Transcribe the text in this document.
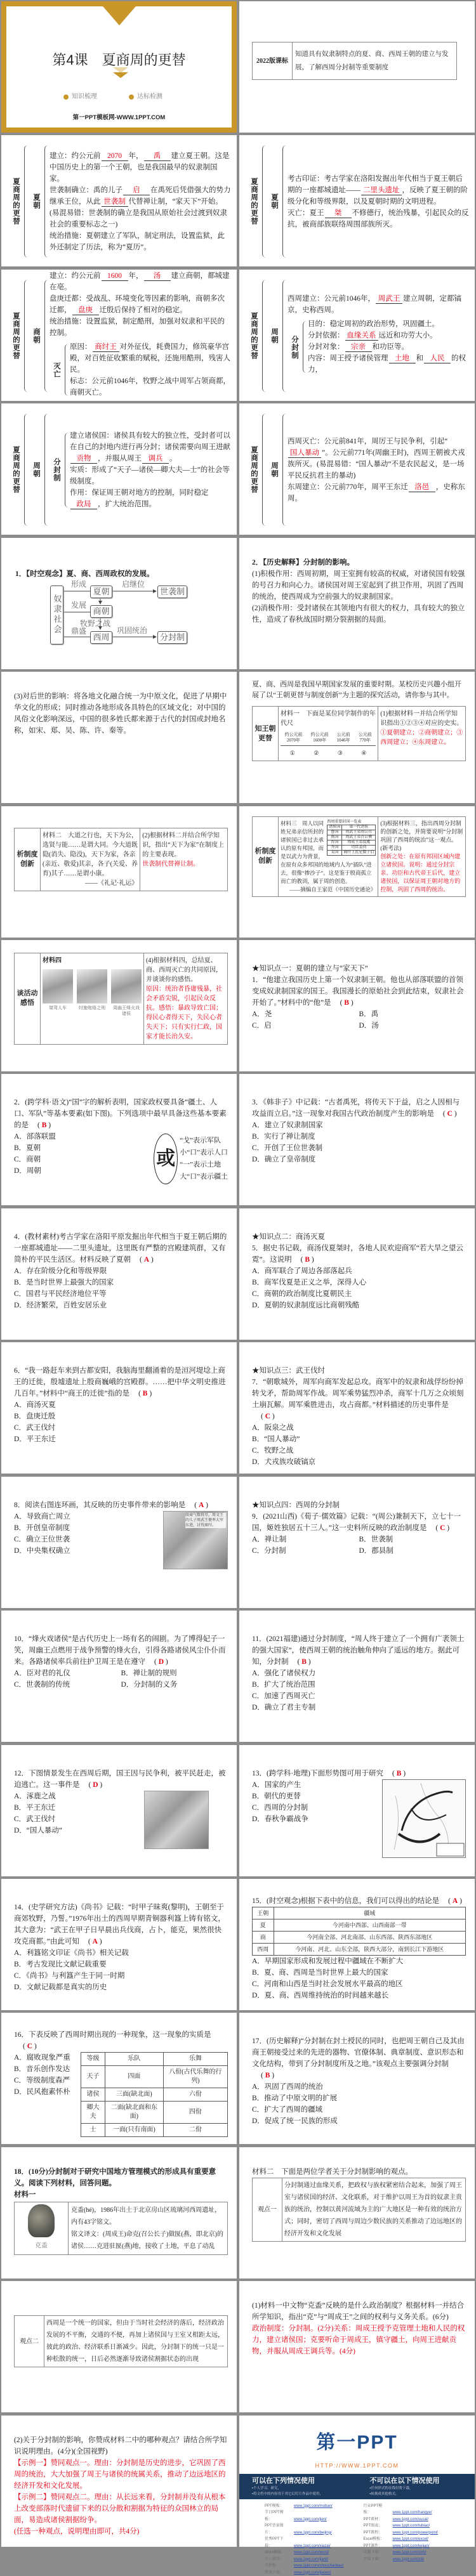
第4课　夏商周的更替
知识梳理	达标检测
第一PPT模板网-WWW.1PPT.COM
2022版课标
知道具有奴隶制特点的夏、商、西周王朝的建立与发展，了解西周分封制等重要制度
夏商周的更替 夏朝
建立：约公元前 2070 年， 禹 建立夏王朝。这是中国历史上的第一个王朝，也是我国最早的奴隶制国家。
世袭制确立：禹的儿子 启 在禹死后凭借强大的势力继承王位，从此 世袭制 代替禅让制，“家天下”开始。(易混易错：世袭制的确立是我国从原始社会过渡到奴隶社会的重要标志之一)
统治措施：夏朝建立了军队，制定刑法，设置监狱，此外还制定了历法，称为“夏历”。
夏商周的更替 夏朝
考古印证：考古学家在洛阳发掘出年代相当于夏王朝后期的一座都城遗址—— 二里头遗址 ，反映了夏王朝的阶级分化和等级界限，以及夏朝时期的文明进程。
灭亡：夏王 桀 不修德行，统治残暴，引起民众的反抗，被商部族联络周围部族所灭。
夏商周的更替 商朝
建立：约公元前 1600 年， 汤 建立商朝，都城建在亳。
盘庚迁都：受战乱、环境变化等因素的影响，商朝多次迁都， 盘庚 迁殷后保持了相对的稳定。
统治措施：设置监狱，制定酷刑，加强对奴隶和平民的控制。
灭亡
原因： 商纣王 对外征伐，耗费国力，修筑豪华宫殿，对百姓征收繁重的赋税，还施用酷刑，残害人民。
标志：公元前1046年，牧野之战中周军占领商都，商朝灭亡。
夏商周的更替 周朝
西周建立：公元前1046年， 周武王 建立周朝，定都镐京，史称西周。
分封制
目的：稳定周初的政治形势，巩固疆土。
分封依据： 血缘关系 远近和功劳大小。
分封对象： 宗亲 和功臣等。
内容：周王授予诸侯管理 土地 和 人民 的权力，
夏商周的更替 周朝 分封制
建立诸侯国：诸侯具有较大的独立性，受封者可以在自己的封地内进行再分封；诸侯需要向周王进献贡物 ，并服从周王 调兵 。
实质：形成了“天子—诸侯—卿大夫—士”的社会等级制度。
作用：保证周王朝对地方的控制，同时稳定政局 ，扩大统治范围。
夏商周的更替 周朝
西周灭亡：公元前841年，周厉王与民争利，引起“国人暴动 ”。公元前771年(周幽王时)，西周王朝被犬戎族所灭。(易混易错：“国人暴动”不是农民起义，是一场平民反抗君主的暴动)
东周建立：公元前770年，周平王东迁 洛邑 ，史称东周。
1．【时空观念】夏、商、西周政权的发展。
奴隶社会
夏朝
商朝
西周
世袭制
分封制
形成
发展
鼎盛
启继位
牧野之战
巩固统治
2．【历史解释】分封制的影响。
(1)积极作用：西周初期，周王室拥有较高的权威，对诸侯国有较强的号召力和向心力。诸侯国对周王室起到了拱卫作用，巩固了西周的统治，使西周成为空前强大的奴隶制国家。
(2)消极作用：受封诸侯在其领地内有很大的权力，具有较大的独立性，造成了春秋战国时期分裂割据的局面。
(3)对后世的影响：将各地文化融合统一为中原文化，促进了早期中华文化的形成；同时推动各地形成各具特色的区域文化；对中国的风俗文化影响深远，中国的很多姓氏都来源于古代的封国或封地名称，如宋、郑、吴、陈、许、秦等。
夏、商、西周是我国早期国家发展的重要时期。某校历史兴趣小组开展了以“王朝更替与制度创新”为主题的探究活动，请你参与其中。
知王朝更替
材料一　下面是某位同学制作的年代尺
约公元前
2070年
约公元前
1600年
公元前
1046年
公元前
770年
①	②	③	④
(1)根据材料一并结合所学知识指出①②③④对应的史实。
①夏朝建立；②商朝建立；③西周建立；④东周建立。
析制度创新
材料二　大道之行也，天下为公，选贤与能……是谓大同。今大道既隐(消失、隐没)，天下为家，各亲(亲近、敬爱)其亲，各子(关爱、养育)其子……是谓小康。
——《礼记·礼运》
(2)根据材料二并结合所学知识，指出“天下为家”在制度上的主要表现。
世袭制代替禅让制。
析制度创新
西周重要封国一览表
诸侯国	第一代诸侯
鲁国	周武王弟周公旦
燕国	周武王弟召公奭
晋国	周成王弟叔虞
齐国	功臣姜尚
宋国	商纣王庶兄微子启
材料三　周人以同姓兄弟亲信所封的诸侯国已非过去承认的原有邦国，而是以武力为背景，在原有众多邦国的地域内人为“插队”进去，很像“掺沙子”。这是鉴于殷商孤立而亡的教训，属于周的创造。
——摘编自王家范《中国历史通论》
(3)根据材料三，指出西周分封制的创新之处，并简要说明“分封制巩固了西周的统治”这一观点。(新考法)
创新之处：在原有邦国区域内建立诸侯国。说明：通过分封宗亲、功臣和古代帝王后代，建立诸侯国，以保证周王朝对地方的控制，巩固了西周的统治。
谈活动感悟
材料四
桀驾人车	纣施炮烙之刑	周幽王烽火戏诸侯
(4)根据材料四，总结夏、商、西周灭亡的共同原因，并谈谈你的感悟。
原因：统治者昏庸残暴，社会矛盾尖锐，引起民众反抗。感悟：暴政导致亡国；得民心者得天下，失民心者失天下；只有实行仁政，国家才能长治久安。
★知识点一：夏朝的建立与“家天下”
1．“他建立我国历史上第一个奴隶制王朝。他也从部落联盟的首领变成奴隶制国家的国王。我国漫长的原始社会到此结束，奴隶社会开始了。”材料中的“他”是 ( B )
A．尧	B．禹
C．启	D．汤
2．(跨学科·语文)“国”字的解析表明，国家政权要具备“疆土、人口、军队”等基本要素(如下图)。下列选项中最早具备这些基本要素的是 ( B )
A．部落联盟
B．夏朝
C．商朝
D．周朝
或
“戈”表示军队
小“口”表示人口
“一”表示土地
大“口”表示疆土
3．《韩非子》中记载：“古者禹死，将传天下于益，启之人因相与攻益而立启。”这一现象对我国古代政治制度产生的影响是 ( C )
A．建立了奴隶制国家
B．实行了禅让制度
C．开创了王位世袭制
D．确立了皇帝制度
4．(教材素材)考古学家在洛阳平原发掘出年代相当于夏王朝后期的一座都城遗址——二里头遗址，这里既有严整的宫殿建筑群，又有简朴的平民生活区。材料反映了夏朝 ( A )
A．存在阶级分化和等级界限
B．是当时世界上最强大的国家
C．国君与平民经济地位平等
D．经济繁荣，百姓安居乐业
★知识点二：商汤灭夏
5．据史书记载，商汤伐夏桀时，各地人民欢迎商军“若大旱之望云霓”。这说明 ( B )
A．商军联合了周边各部落起兵
B．商军伐夏是正义之举，深得人心
C．商朝的政治制度比夏朝民主
D．夏朝的奴隶制度远比商朝残酷
6．“我一路赶车来到古都安阳，我脑海里翻涌着的是洹河堤埝上商王的迁徙，殷墟遗址上殷商巍峨的宫殿群。……把中华文明史推进几百年。”材料中“商王的迁徙”指的是 ( B )
A．商汤灭夏
B．盘庚迁殷
C．武王伐纣
D．平王东迁
★知识点三：武王伐纣
7．“朝歌城外，周军向商军发起总攻。商军中的奴隶和战俘纷纷掉转戈矛，帮助周军作战。周军乘势猛烈冲杀，商军十几万之众顷刻土崩瓦解。周军乘胜进击，攻占商都。”材料描述的历史事件是( C )
A．阪泉之战
B．“国人暴动”
C．牧野之战
D．犬戎族攻破镐京
8．阅读右图连环画，其反映的历史事件带来的影响是 ( A )
A．导致商亡周立
B．开创皇帝制度
C．确立王位世袭
D．中央集权确立
殷商气数将尽，周文王的儿子周武王便率大军东进，讨伐商纣。
★知识点四：西周的分封制
9．(2021山西)《荀子·儒效篇》记载：“(周公)兼制天下，立七十一国，姬姓独居五十三人。”这一史料所反映的政治制度是 ( C )
A．禅让制	B．世袭制
C．分封制	D．郡县制
10．“烽火戏诸侯”是古代历史上一场有名的闹剧。为了博得妃子一笑，周幽王点燃用于战争预警的烽火台，引得各路诸侯风尘仆仆而来。各路诸侯率兵前往护卫周王是在遵守 ( D )
A．臣对君的礼仪	B．禅让制的规则
C．世袭制的传统	D．分封制的义务
11．(2021福建)通过分封制度，“周人终于建立了一个拥有广袤领土的强大国家”，使西周王朝的统治触角伸向了遥远的地方。据此可知，分封制 ( B )
A．强化了诸侯权力
B．扩大了统治范围
C．加速了西周灭亡
D．确立了君主专制
12．下图情景发生在西周后期，国王因与民争利，被平民赶走，被迫逃亡。这一事件是 ( D )
A．涿鹿之战
B．平王东迁
C．武王伐纣
D．“国人暴动”
13．(跨学科·地理)下面形势图可用于研究 ( B )
A．国家的产生
B．朝代的更替
C．西周的分封制
D．春秋争霸战争
14．(史学研究方法)《尚书》记载：“时甲子昧爽(黎明)，王朝至于商郊牧野，乃誓。”1976年出土的西周早期青铜器利簋上铸有铭文，其大意为：“武王在甲子日早晨出兵伐商，占卜，能克，果然很快攻克商都。”由此可知 ( A )
A．利簋铭文印证《尚书》相关记载
B．考古发现比文献记载重要
C．《尚书》与利簋产生于同一时期
D．文献记载都是真实的历史
15．(时空观念)根据下表中的信息，我们可以得出的结论是 ( A )
王朝	疆域
夏	今河南中西部、山西南部一带
商	今河南全部、河北南部、山东西部、陕西东部地区
西周	今河南、河北、山东全部，陕西大部分，南到长江下游地区
A．早期国家形成和发展过程中疆域在不断扩大
B．夏、商、西周是当时世界上最大的国家
C．河南和山西是当时社会发展水平最高的地区
D．夏、商、西周维持统治的时间越来越长
16．下表反映了西周时期出现的一种现象，这一现象的实质是( C )
A．腐败现象严重
B．音乐创作发达
C．等级制度森严
D．民风抱素怀朴
等级	乐队	乐舞
天子	四面	八佾(古代乐舞的行列)
诸侯	三面(缺北面)	六佾
卿大夫	二面(缺北面和东面)	四佾
士	一面(只有南面)	二佾
17．(历史解释)“分封制在封土授民的同时，也把周王朝自己及其由商王朝接受过来的先进的器物、官僚体制、典章制度、意识形态和文化结构，带到了分封制度所及之地。”该观点主要强调分封制( B )
A．巩固了西周的统治
B．推动了中原文明的扩展
C．扩大了西周的疆域
D．促成了统一民族的形成
18．(10分)分封制对于研究中国地方管理模式的形成具有重要意义。阅读下列材料，回答问题。
材料一
克盉
克盉(hé)，1986年出土于北京房山区琉璃河西周遗址，内有43字铭文。
铭文译文：(周成王)命克(召公长子)做匽(燕，即北京)的诸侯……克进驻匽(燕)地，接收了土地，平息了动乱
材料二　下面是两位学者关于分封制影响的观点。
观点一
分封制通过血缘关系，把政权与族权紧密结合起来，加强了周王室与诸侯国的经济、文化联系，对于维护以周王为首的奴隶主贵族的统治，控制以黄河流域为主的广大地区是一种有效的统治方式；同时，密切了西周与周边少数民族的关系推动了边远地区的经济开发和文化发展
观点二
西周是一个统一的国家，但由于当时社会经济的落后，经济政治发展的不平衡，交通的不便，再加上诸侯国与王室又相距太远，彼此的政治、经济联系日渐减少。因此，分封制下的统一只是一种松散的统一，日后必然逐渐导致诸侯割据状态的出现
(1)材料一中文物“克盉”反映的是什么政治制度？根据材料一并结合所学知识，指出“克”与“周成王”之间的权利与义务关系。(6分)
政治制度：分封制。(2分)关系：周成王授予克管理土地和人民的权力，建立诸侯国；克要听命于周成王，镇守疆土，向周王进献贡物，并服从周成王调兵等。(4分)
(2)关于分封制的影响，你赞成材料二中的哪种观点？请结合所学知识说明理由。(4分)(全国视野)
【示例一】赞同观点一。理由：分封制是历史的进步，它巩固了西周的统治，大大加强了周王与诸侯的统属关系，推动了边远地区的经济开发和文化发展。
【示例二】赞同观点二。理由：从长远来看，分封制并没有从根本上改变部落时代遗留下来的以分散和割据为特征的众国林立的局面，易造成诸侯割据纷争。
(任选一种观点，说明理由即可，共4分)
第一PPT
HTTP://WWW.1PPT.COM
可以在下列情况使用
▪个人学习、研究，
▪将文档中的内容用于其它幻灯片作品中使用，
不可以在以下情况使用
▪任何形式的在线付费下载，
▪转换成其他格式，
PPT模板：	www.1ppt.com/moban/
节日PPT模板：	www.1ppt.com/jieri/
PPT背景图片：	www.1ppt.com/beijing/
优秀PPT下载：	www.1ppt.com/xiazai/
Word模板： www.1ppt.com/word/
个人简历：	www.1ppt.com/jianli/
手抄报：	www.1ppt.com/shouchaobao/
教案下载：	www.1ppt.com/jiaoan/
行业PPT模板：	www.1ppt.com/hangye/
PPT素材：	www.1ppt.com/sucai/
PPT图表：	www.1ppt.com/tubiao/
PPT教程：	www.1ppt.com/powerpoint/
Excel模板： www.1ppt.com/excel/
PPT课件：	www.1ppt.com/kejian/
试题下载：	www.1ppt.com/shiti/
字体下载：	www.1ppt.com/ziti/
